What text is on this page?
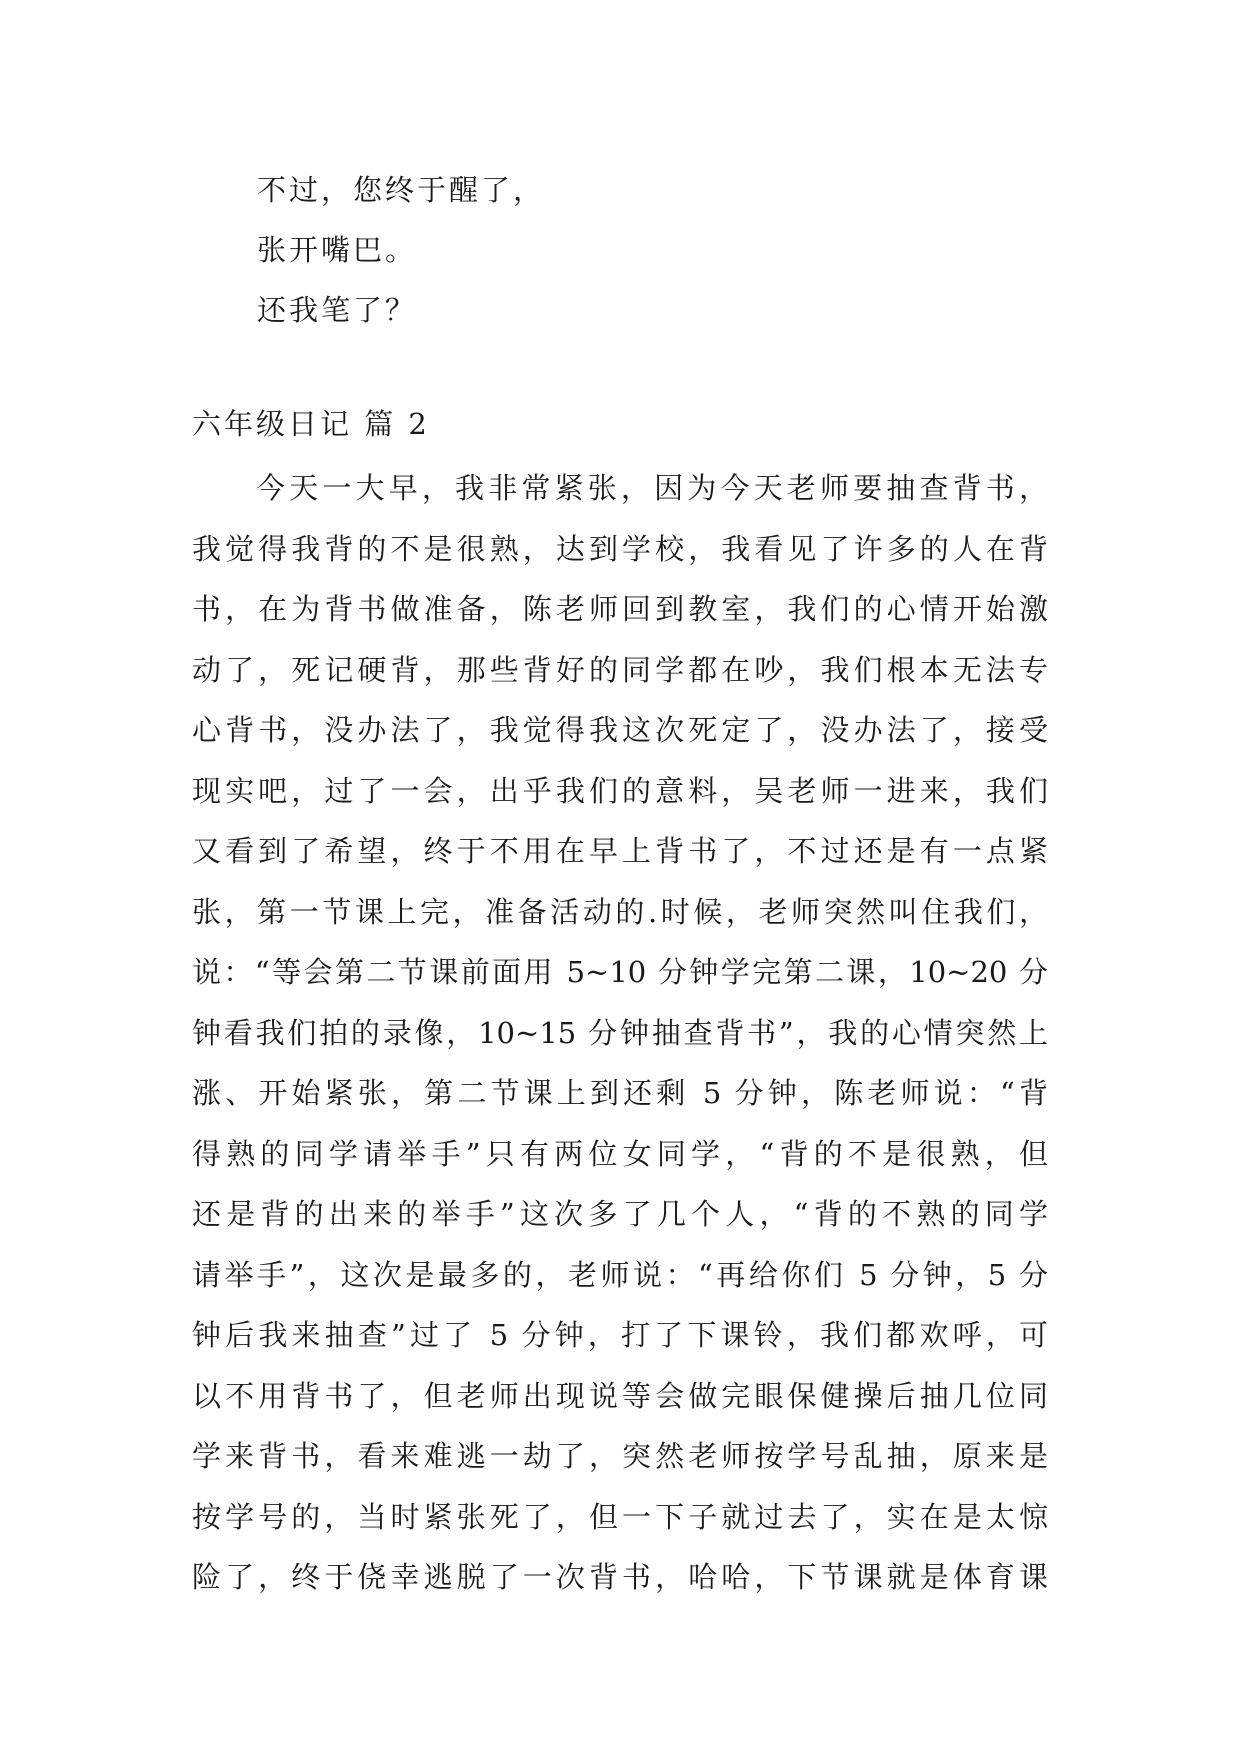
不过，您终于醒了，
张开嘴巴。
还我笔了？
六年级日记 篇 2
今天一大早，我非常紧张，因为今天老师要抽查背书，
我觉得我背的不是很熟，达到学校，我看见了许多的人在背
书，在为背书做准备，陈老师回到教室，我们的心情开始激
动了，死记硬背，那些背好的同学都在吵，我们根本无法专
心背书，没办法了，我觉得我这次死定了，没办法了，接受
现实吧，过了一会，出乎我们的意料，吴老师一进来，我们
又看到了希望，终于不用在早上背书了，不过还是有一点紧
张，第一节课上完，准备活动的.时候，老师突然叫住我们，
说：“等会第二节课前面用 5~10 分钟学完第二课，10~20 分
钟看我们拍的录像，10~15 分钟抽查背书”，我的心情突然上
涨、开始紧张，第二节课上到还剩 5 分钟，陈老师说：“背
得熟的同学请举手”只有两位女同学，“背的不是很熟，但
还是背的出来的举手”这次多了几个人，“背的不熟的同学
请举手”，这次是最多的，老师说：“再给你们 5 分钟，5 分
钟后我来抽查”过了 5 分钟，打了下课铃，我们都欢呼，可
以不用背书了，但老师出现说等会做完眼保健操后抽几位同
学来背书，看来难逃一劫了，突然老师按学号乱抽，原来是
按学号的，当时紧张死了，但一下子就过去了，实在是太惊
险了，终于侥幸逃脱了一次背书，哈哈，下节课就是体育课
